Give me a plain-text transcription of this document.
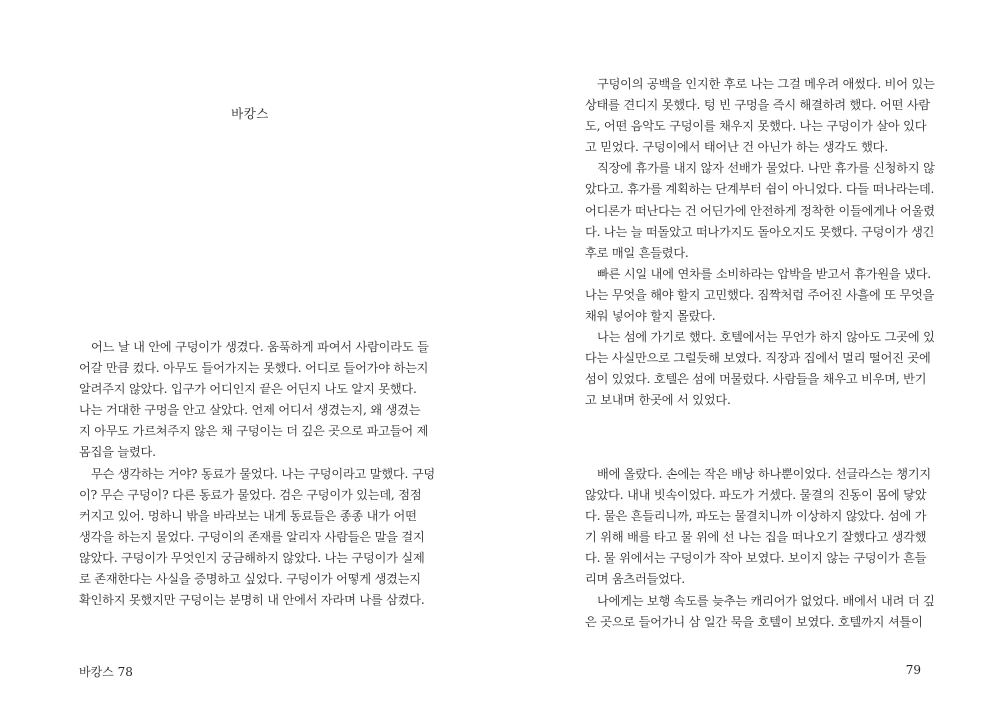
바캉스
어느 날 내 안에 구덩이가 생겼다. 움푹하게 파여서 사람이라도 들
어갈 만큼 컸다. 아무도 들어가지는 못했다. 어디로 들어가야 하는지
알려주지 않았다. 입구가 어디인지 끝은 어딘지 나도 알지 못했다.
나는 거대한 구멍을 안고 살았다. 언제 어디서 생겼는지, 왜 생겼는
지 아무도 가르쳐주지 않은 채 구덩이는 더 깊은 곳으로 파고들어 제
몸집을 늘렸다.
무슨 생각하는 거야? 동료가 물었다. 나는 구덩이라고 말했다. 구덩
이? 무슨 구덩이? 다른 동료가 물었다. 검은 구덩이가 있는데, 점점
커지고 있어. 멍하니 밖을 바라보는 내게 동료들은 종종 내가 어떤
생각을 하는지 물었다. 구덩이의 존재를 알리자 사람들은 말을 걸지
않았다. 구덩이가 무엇인지 궁금해하지 않았다. 나는 구덩이가 실제
로 존재한다는 사실을 증명하고 싶었다. 구덩이가 어떻게 생겼는지
확인하지 못했지만 구덩이는 분명히 내 안에서 자라며 나를 삼켰다.
바캉스 78
구덩이의 공백을 인지한 후로 나는 그걸 메우려 애썼다. 비어 있는
상태를 견디지 못했다. 텅 빈 구멍을 즉시 해결하려 했다. 어떤 사람
도, 어떤 음악도 구덩이를 채우지 못했다. 나는 구덩이가 살아 있다
고 믿었다. 구덩이에서 태어난 건 아닌가 하는 생각도 했다.
직장에 휴가를 내지 않자 선배가 물었다. 나만 휴가를 신청하지 않
았다고. 휴가를 계획하는 단계부터 쉼이 아니었다. 다들 떠나라는데.
어디론가 떠난다는 건 어딘가에 안전하게 정착한 이들에게나 어울렸
다. 나는 늘 떠돌았고 떠나가지도 돌아오지도 못했다. 구덩이가 생긴
후로 매일 흔들렸다.
빠른 시일 내에 연차를 소비하라는 압박을 받고서 휴가원을 냈다.
나는 무엇을 해야 할지 고민했다. 짐짝처럼 주어진 사흘에 또 무엇을
채워 넣어야 할지 몰랐다.
나는 섬에 가기로 했다. 호텔에서는 무언가 하지 않아도 그곳에 있
다는 사실만으로 그럴듯해 보였다. 직장과 집에서 멀리 떨어진 곳에
섬이 있었다. 호텔은 섬에 머물렀다. 사람들을 채우고 비우며, 반기
고 보내며 한곳에 서 있었다.
배에 올랐다. 손에는 작은 배낭 하나뿐이었다. 선글라스는 챙기지
않았다. 내내 빗속이었다. 파도가 거셌다. 물결의 진동이 몸에 닿았
다. 물은 흔들리니까, 파도는 물결치니까 이상하지 않았다. 섬에 가
기 위해 배를 타고 물 위에 선 나는 집을 떠나오기 잘했다고 생각했
다. 물 위에서는 구덩이가 작아 보였다. 보이지 않는 구덩이가 흔들
리며 움츠러들었다.
나에게는 보행 속도를 늦추는 캐리어가 없었다. 배에서 내려 더 깊
은 곳으로 들어가니 삼 일간 묵을 호텔이 보였다. 호텔까지 셔틀이
79
